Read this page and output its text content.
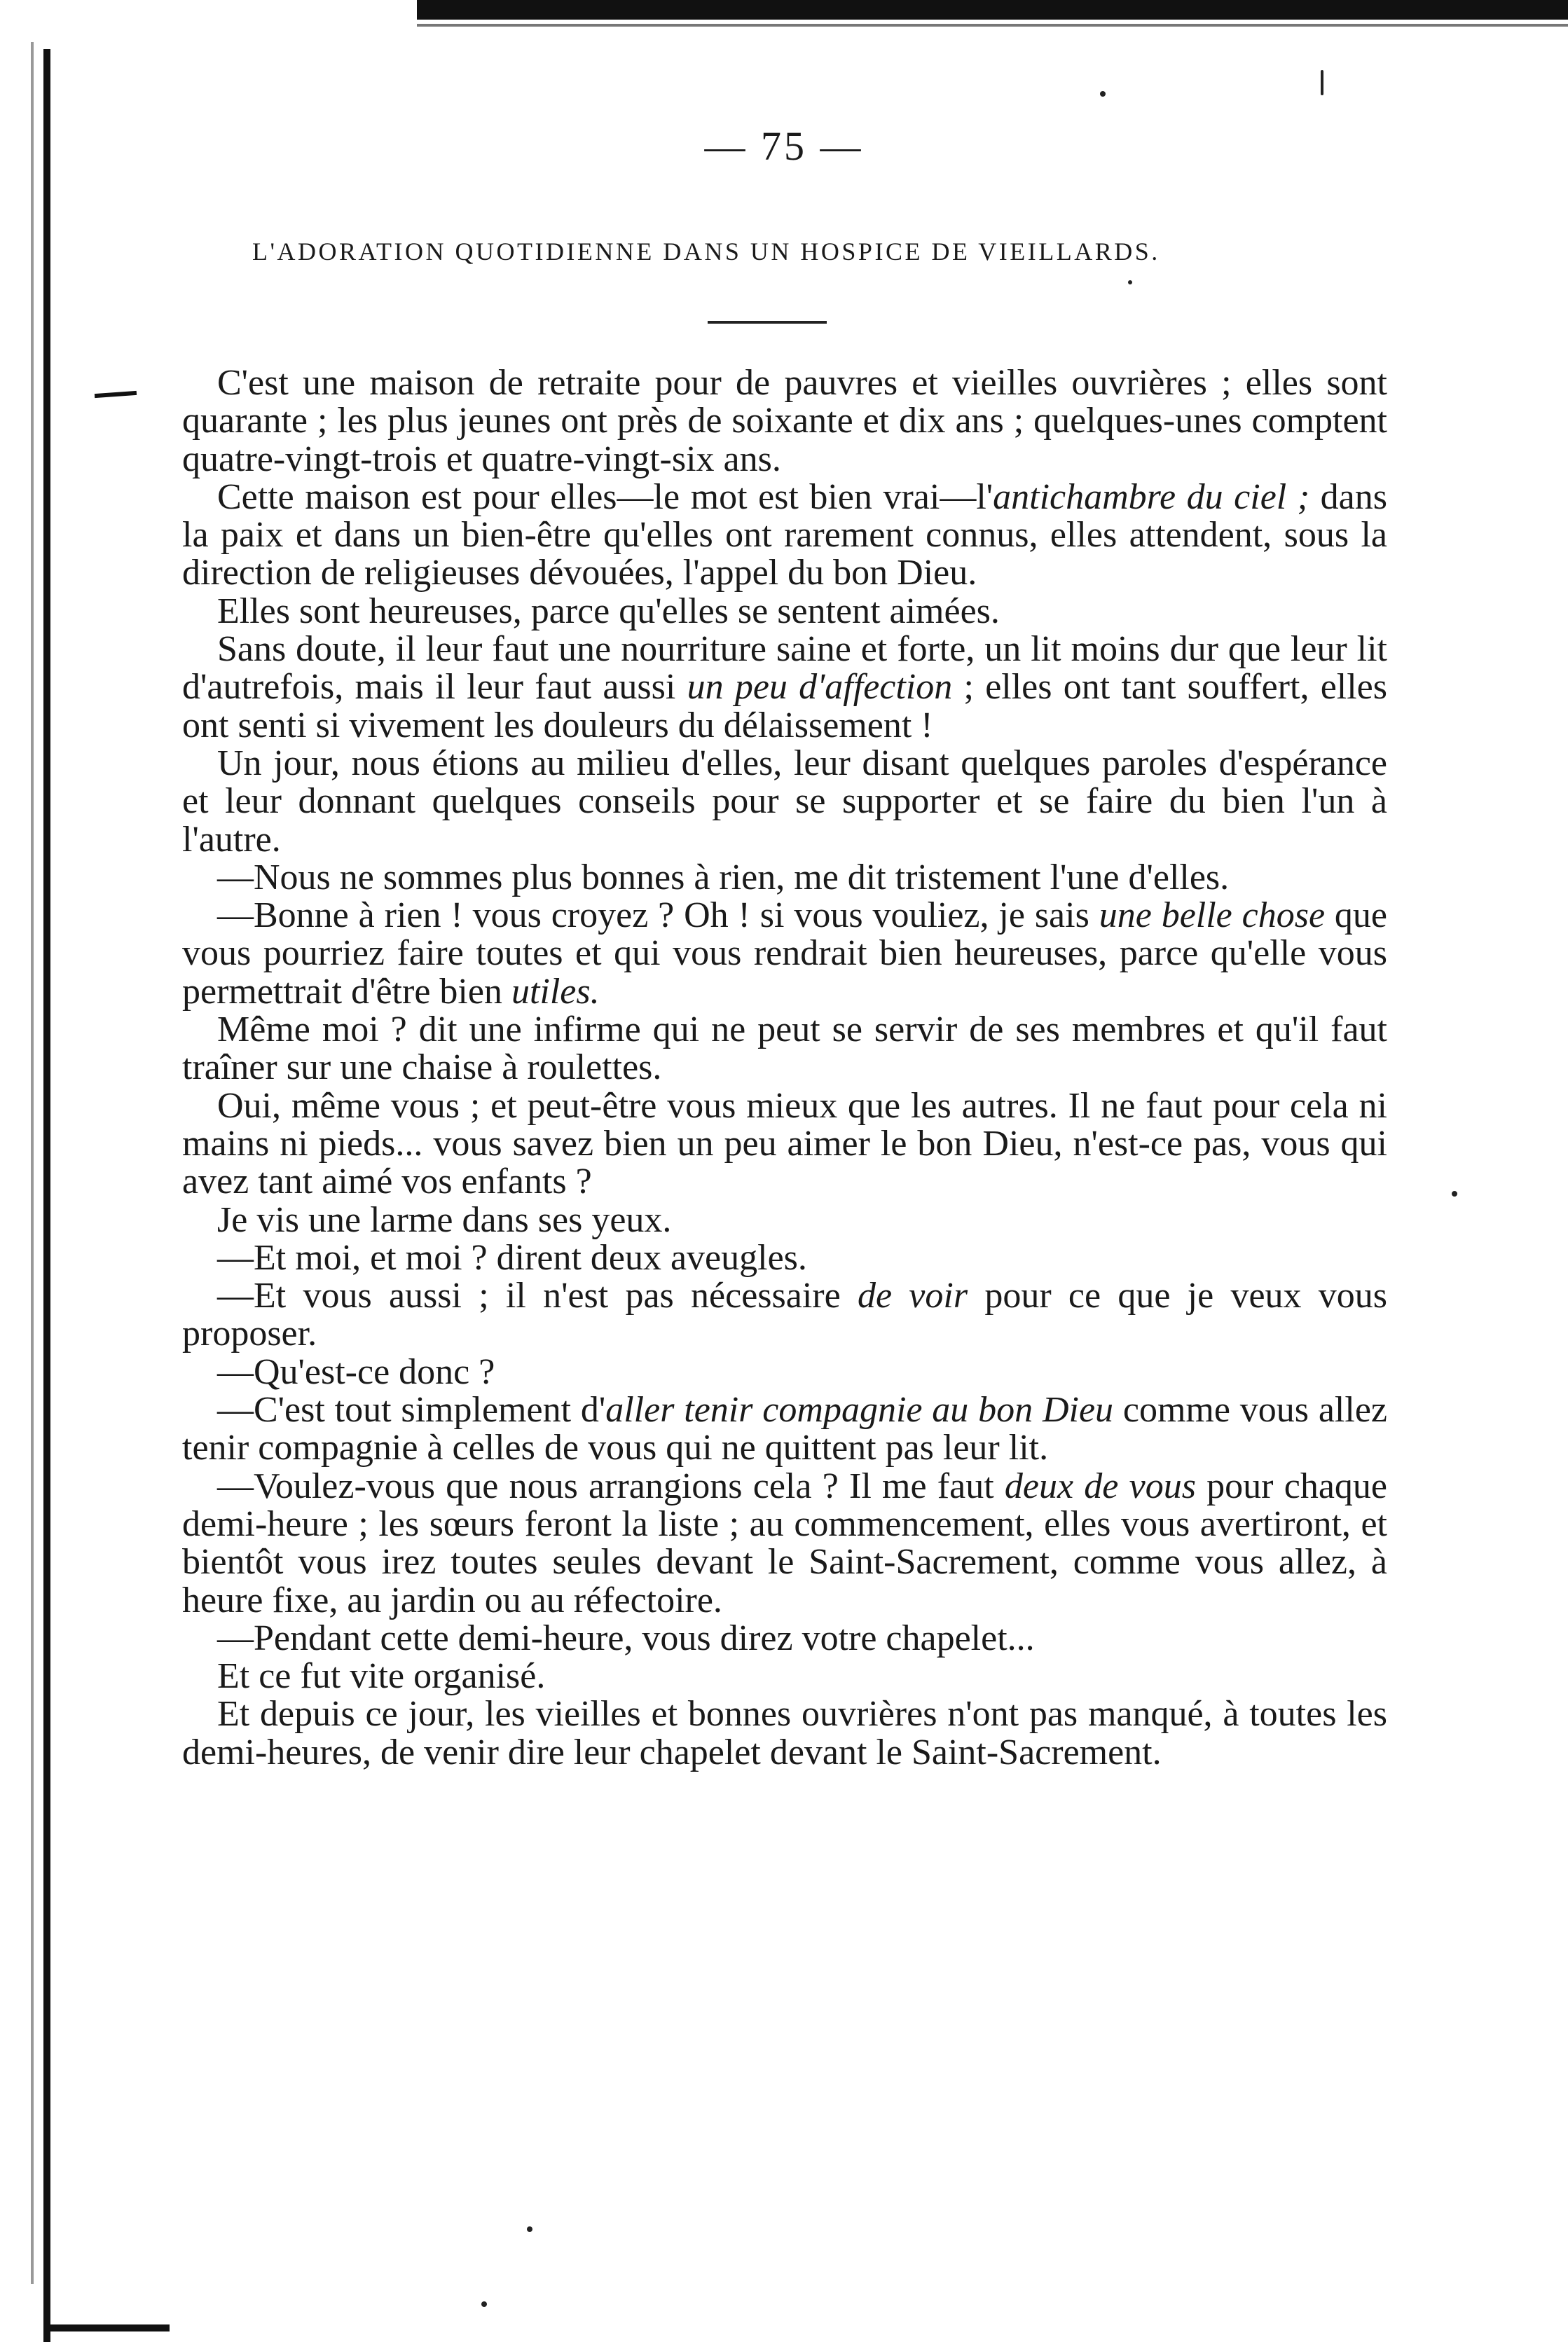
— 75 —
L'ADORATION QUOTIDIENNE DANS UN HOSPICE DE VIEILLARDS.

C'est une maison de retraite pour de pauvres et vieilles ouvrières ; elles sont quarante ; les plus jeunes ont près de soixante et dix ans ; quelques-unes comptent quatre-vingt-trois et quatre-vingt-six ans.

Cette maison est pour elles—le mot est bien vrai—l'antichambre du ciel ; dans la paix et dans un bien-être qu'elles ont rarement connus, elles attendent, sous la direction de religieuses dévouées, l'appel du bon Dieu.

Elles sont heureuses, parce qu'elles se sentent aimées.

Sans doute, il leur faut une nourriture saine et forte, un lit moins dur que leur lit d'autrefois, mais il leur faut aussi un peu d'affection ; elles ont tant souffert, elles ont senti si vivement les douleurs du délaissement !

Un jour, nous étions au milieu d'elles, leur disant quelques paroles d'espérance et leur donnant quelques conseils pour se supporter et se faire du bien l'un à l'autre.

—Nous ne sommes plus bonnes à rien, me dit tristement l'une d'elles.

—Bonne à rien ! vous croyez ? Oh ! si vous vouliez, je sais une belle chose que vous pourriez faire toutes et qui vous rendrait bien heureuses, parce qu'elle vous permettrait d'être bien utiles.

Même moi ? dit une infirme qui ne peut se servir de ses membres et qu'il faut traîner sur une chaise à roulettes.

Oui, même vous ; et peut-être vous mieux que les autres. Il ne faut pour cela ni mains ni pieds... vous savez bien un peu aimer le bon Dieu, n'est-ce pas, vous qui avez tant aimé vos enfants ?

Je vis une larme dans ses yeux.

—Et moi, et moi ? dirent deux aveugles.

—Et vous aussi ; il n'est pas nécessaire de voir pour ce que je veux vous proposer.

—Qu'est-ce donc ?

—C'est tout simplement d'aller tenir compagnie au bon Dieu comme vous allez tenir compagnie à celles de vous qui ne quittent pas leur lit.

—Voulez-vous que nous arrangions cela ? Il me faut deux de vous pour chaque demi-heure ; les sœurs feront la liste ; au commencement, elles vous avertiront, et bientôt vous irez toutes seules devant le Saint-Sacrement, comme vous allez, à heure fixe, au jardin ou au réfectoire.

—Pendant cette demi-heure, vous direz votre chapelet...

Et ce fut vite organisé.

Et depuis ce jour, les vieilles et bonnes ouvrières n'ont pas manqué, à toutes les demi-heures, de venir dire leur chapelet devant le Saint-Sacrement.
